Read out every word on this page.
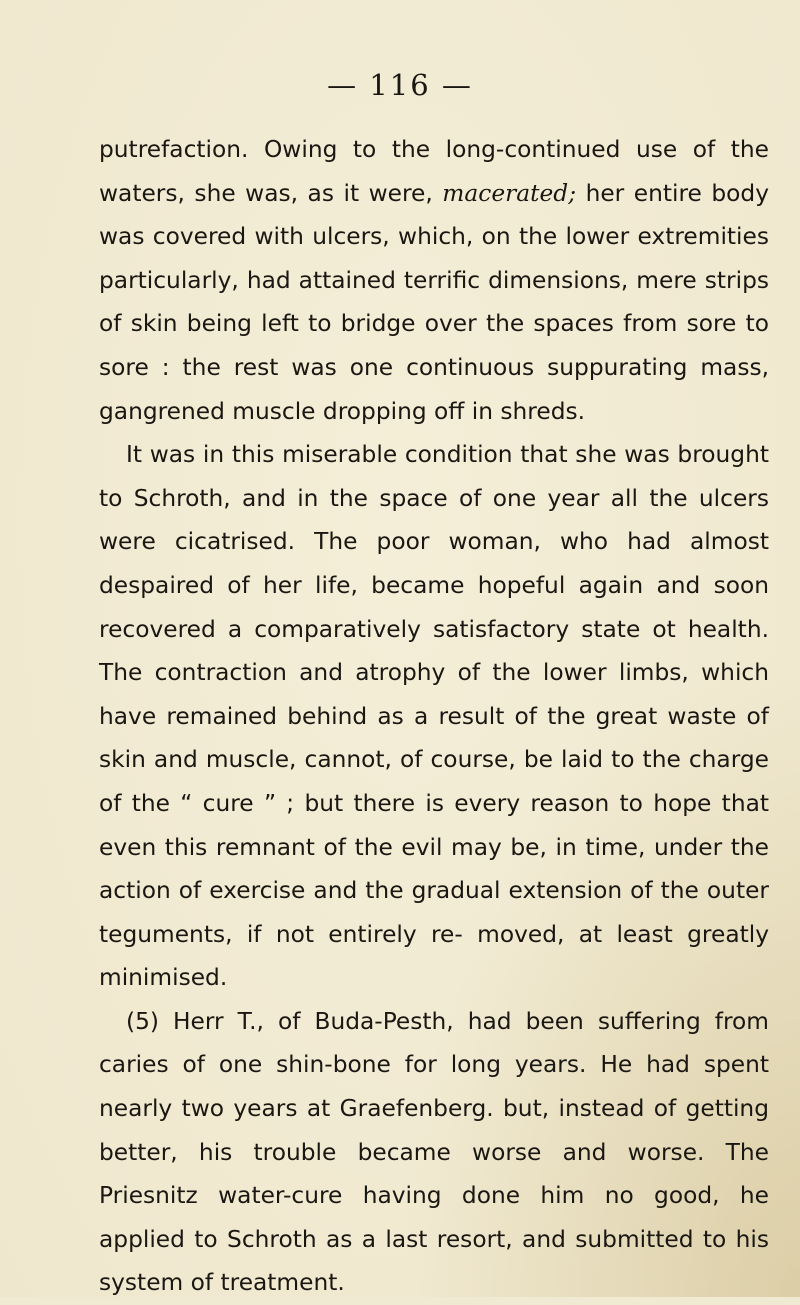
— 116 —

putrefaction. Owing to the long-continued use of the waters, she was, as it were, macerated; her entire body was covered with ulcers, which, on the lower extremities particularly, had attained terrific dimensions, mere strips of skin being left to bridge over the spaces from sore to sore : the rest was one continuous suppurating mass, gangrened muscle dropping off in shreds.

It was in this miserable condition that she was brought to Schroth, and in the space of one year all the ulcers were cicatrised. The poor woman, who had almost despaired of her life, became hopeful again and soon recovered a comparatively satisfactory state ot health. The contraction and atrophy of the lower limbs, which have remained behind as a result of the great waste of skin and muscle, cannot, of course, be laid to the charge of the “ cure ” ; but there is every reason to hope that even this remnant of the evil may be, in time, under the action of exercise and the gradual extension of the outer teguments, if not entirely re- moved, at least greatly minimised.

(5) Herr T., of Buda-Pesth, had been suffering from caries of one shin-bone for long years. He had spent nearly two years at Graefenberg. but, instead of getting better, his trouble became worse and worse. The Priesnitz water-cure having done him no good, he applied to Schroth as a last resort, and submitted to his system of treatment.
